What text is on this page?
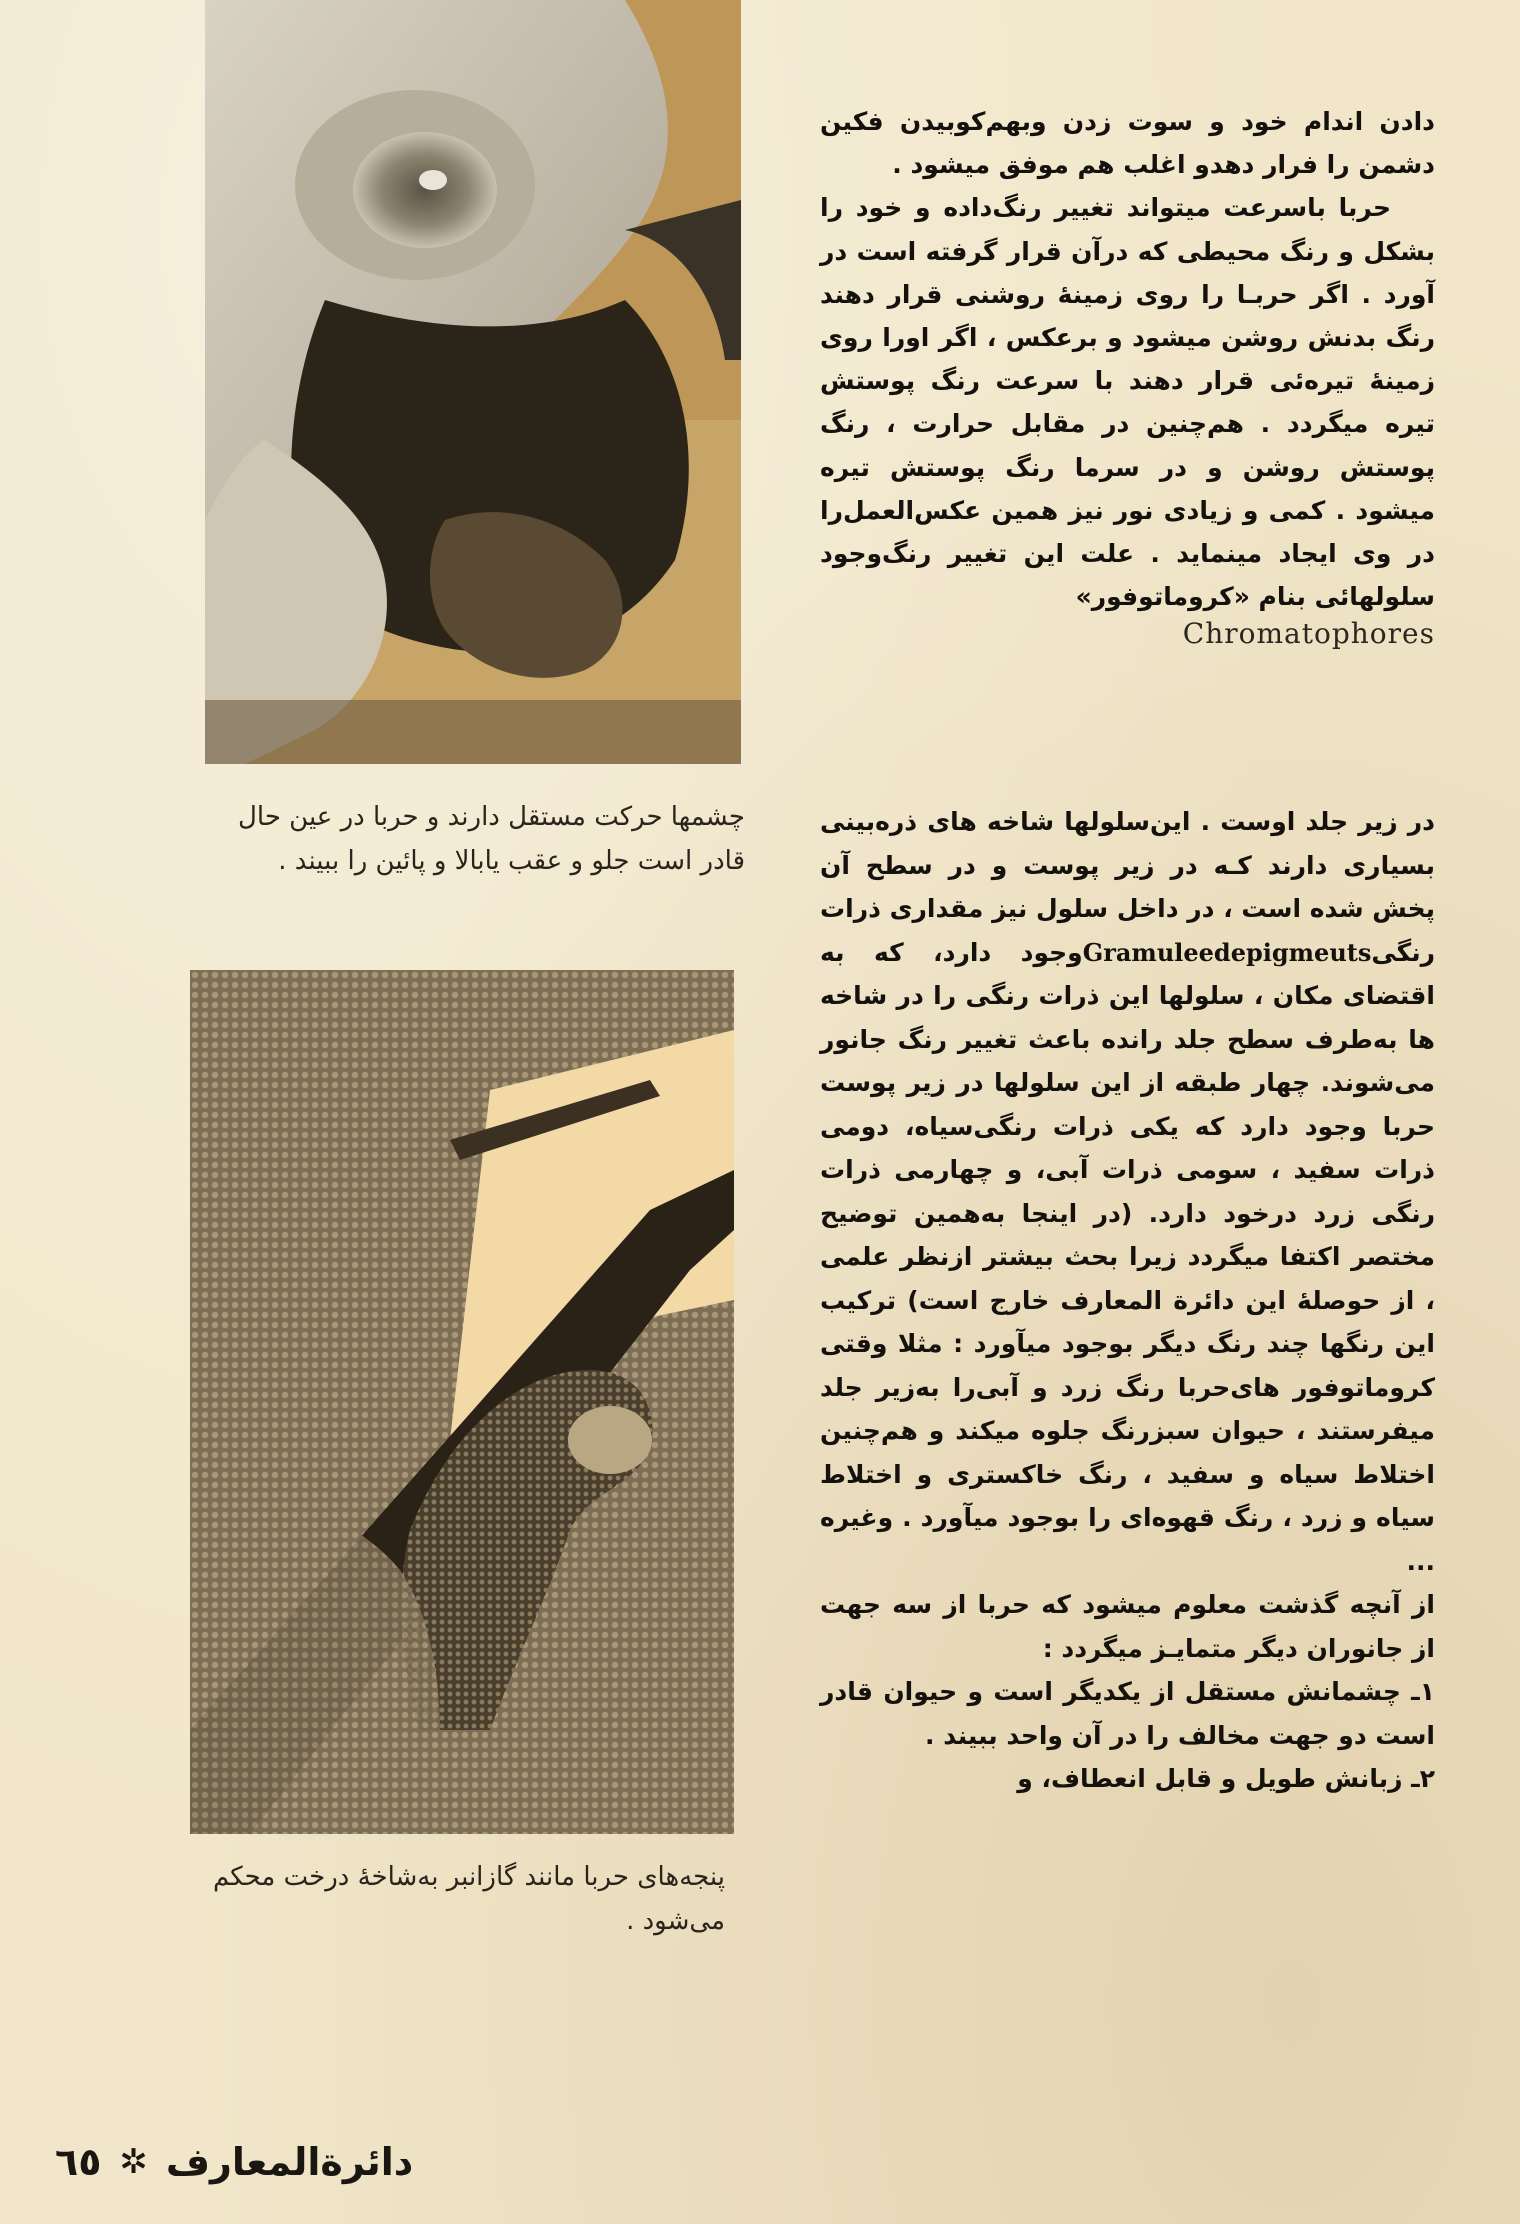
چشمها حرکت مستقل دارند و حربا در عین حال قادر است جلو و عقب یابالا و پائین را ببیند .
پنجه‌های حربا مانند گازانبر به‌شاخهٔ درخت محکم می‌شود .

دادن اندام خود و سوت زدن وبهم‌کوبیدن فکین دشمن را فرار دهدو اغلب هم موفق میشود .

حربا باسرعت میتواند تغییر رنگ‌داده و خود را بشکل و رنگ محیطی که درآن قرار گرفته است در آورد . اگر حربـا را روی زمینهٔ روشنی قرار دهند رنگ بدنش روشن میشود و برعکس ، اگر اورا روی زمینهٔ تیره‌ئی قرار دهند با سرعت رنگ پوستش تیره میگردد . هم‌چنین در مقابل حرارت ، رنگ پوستش روشن و در سرما رنگ پوستش تیره میشود . کمی و زیادی نور نیز همین عکس‌العمل‌را در وی ایجاد مینماید . علت این تغییر رنگ‌وجود سلولهائی بنام «کروماتوفور»

Chromatophores

در زیر جلد اوست . این‌سلولها شاخه های ذره‌بینی بسیاری دارند کـه در زیر پوست و در سطح آن پخش شده است ، در داخل سلول نیز مقداری ذرات رنگیGramuleedepigmeutsوجود دارد، که به اقتضای مکان ، سلولها این ذرات رنگی را در شاخه ها به‌طرف سطح جلد رانده باعث تغییر رنگ جانور می‌شوند. چهار طبقه از این سلولها در زیر پوست حربا وجود دارد که یکی ذرات رنگی‌سیاه، دومی ذرات سفید ، سومی ذرات آبی، و چهارمی ذرات رنگی زرد درخود دارد. (در اینجا به‌همین توضیح مختصر اکتفا میگردد زیرا بحث بیشتر ازنظر علمی ، از حوصلهٔ این دائرة المعارف خارج است) ترکیب این رنگها چند رنگ دیگر بوجود میآورد : مثلا وقتی کروماتوفور های‌حربا رنگ زرد و آبی‌را به‌زیر جلد میفرستند ، حیوان سبزرنگ جلوه میکند و هم‌چنین اختلاط سیاه و سفید ، رنگ خاکستری و اختلاط سیاه و زرد ، رنگ قهوه‌ای را بوجود میآورد . وغیره ...

از آنچه گذشت معلوم میشود که حربا از سه جهت از جانوران دیگر متمایـز میگردد :

۱ـ چشمانش مستقل از یکدیگر است و حیوان قادر است دو جهت مخالف را در آن واحد ببیند .

۲ـ زبانش طویل و قابل انعطاف، و

دائرةالمعارف
✲
٦٥
